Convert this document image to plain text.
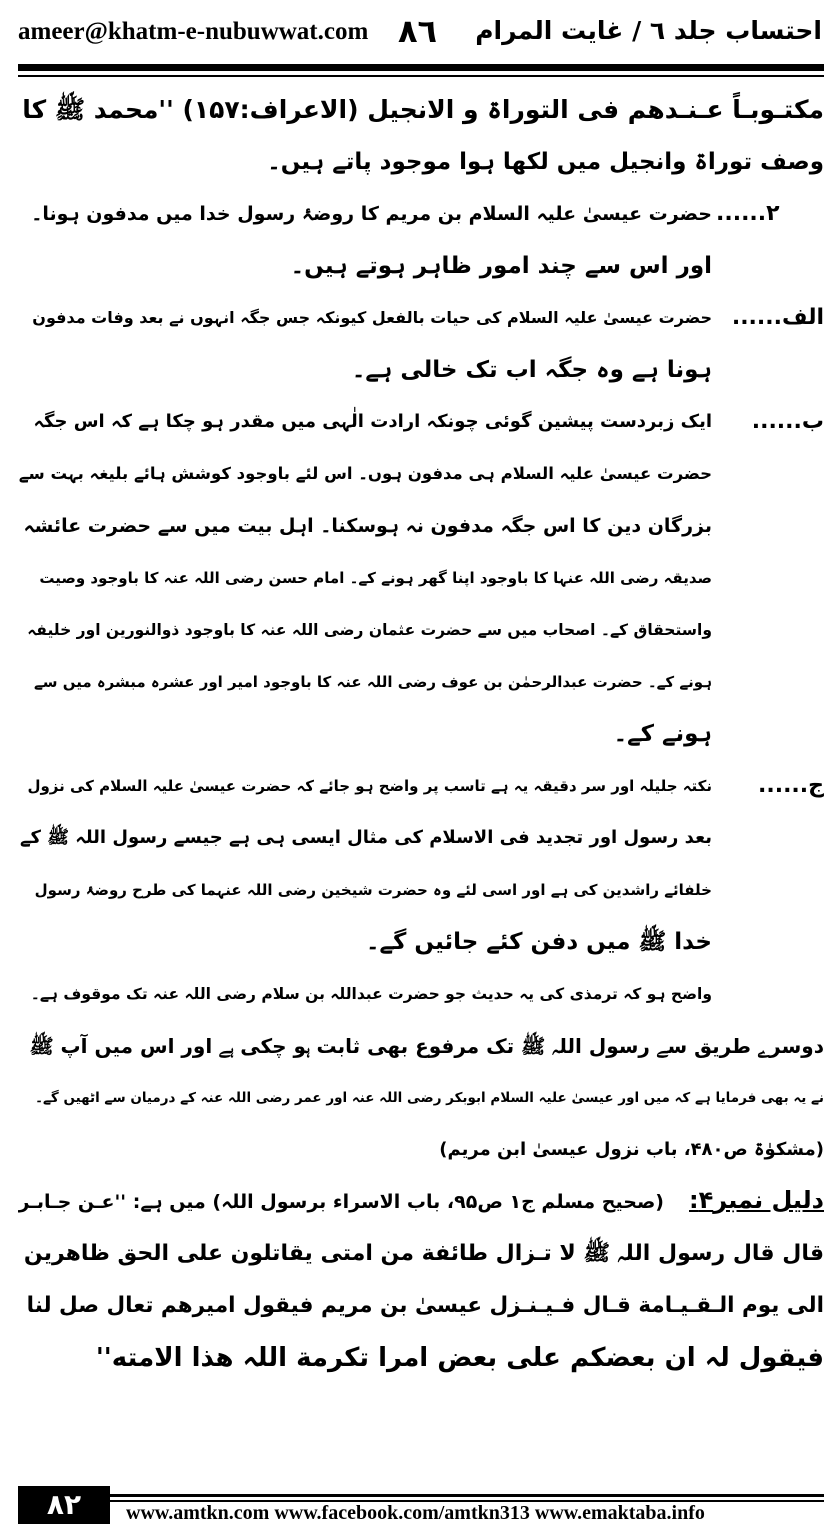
ameer@khatm-e-nubuwwat.com ۸٦ احتساب جلد ٦ / غایت المرام
مکتـوبـاً عـنـدھم فی التوراۃ و الانجیل (الاعراف:۱۵۷) ''محمد ﷺ کا
وصف توراۃ وانجیل میں لکھا ہوا موجود پاتے ہیں۔
۲......
حضرت عیسیٰ علیہ السلام بن مریم کا روضۂ رسول خدا میں مدفون ہونا۔
اور اس سے چند امور ظاہر ہوتے ہیں۔
الف......
حضرت عیسیٰ علیہ السلام کی حیات بالفعل کیونکہ جس جگہ انہوں نے بعد وفات مدفون
ہونا ہے وہ جگہ اب تک خالی ہے۔
ب......
ایک زبردست پیشین گوئی چونکہ ارادت الٰہی میں مقدر ہو چکا ہے کہ اس جگہ
حضرت عیسیٰ علیہ السلام ہی مدفون ہوں۔ اس لئے باوجود کوشش ہائے بلیغہ بہت سے
بزرگان دین کا اس جگہ مدفون نہ ہوسکنا۔ اہل بیت میں سے حضرت عائشہ
صدیقہ رضی اللہ عنہا کا باوجود اپنا گھر ہونے کے۔ امام حسن رضی اللہ عنہ کا باوجود وصیت
واستحقاق کے۔ اصحاب میں سے حضرت عثمان رضی اللہ عنہ کا باوجود ذوالنورین اور خلیفہ
ہونے کے۔ حضرت عبدالرحمٰن بن عوف رضی اللہ عنہ کا باوجود امیر اور عشرہ مبشرہ میں سے
ہونے کے۔
ج......
نکتہ جلیلہ اور سر دقیقہ یہ ہے تاسب پر واضح ہو جائے کہ حضرت عیسیٰ علیہ السلام کی نزول
بعد رسول اور تجدید فی الاسلام کی مثال ایسی ہی ہے جیسے رسول اللہ ﷺ کے
خلفائے راشدین کی ہے اور اسی لئے وہ حضرت شیخین رضی اللہ عنہما کی طرح روضۂ رسول
خدا ﷺ میں دفن کئے جائیں گے۔
واضح ہو کہ ترمذی کی یہ حدیث جو حضرت عبداللہ بن سلام رضی اللہ عنہ تک موقوف ہے۔
دوسرے طریق سے رسول اللہ ﷺ تک مرفوع بھی ثابت ہو چکی ہے اور اس میں آپ ﷺ
نے یہ بھی فرمایا ہے کہ میں اور عیسیٰ علیہ السلام ابوبکر رضی اللہ عنہ اور عمر رضی اللہ عنہ کے درمیان سے اٹھیں گے۔
(مشکوٰۃ ص۴۸۰، باب نزول عیسیٰ ابن مریم)
دلیل نمبر۴:
(صحیح مسلم ج۱ ص۹۵، باب الاسراء برسول اللہ) میں ہے: ''عـن جـابـر
قال قال رسول اللہ ﷺ لا تـزال طائفة من امتی یقاتلون علی الحق ظاھرین
الی یوم الـقـیـامة قـال فـیـنـزل عیسیٰ بن مریم فیقول امیرھم تعال صل لنا
فیقول لہ ان بعضکم علی بعض امرا تکرمة اللہ ھذا الامته''
۸۲	www.amtkn.com www.facebook.com/amtkn313 www.emaktaba.info
